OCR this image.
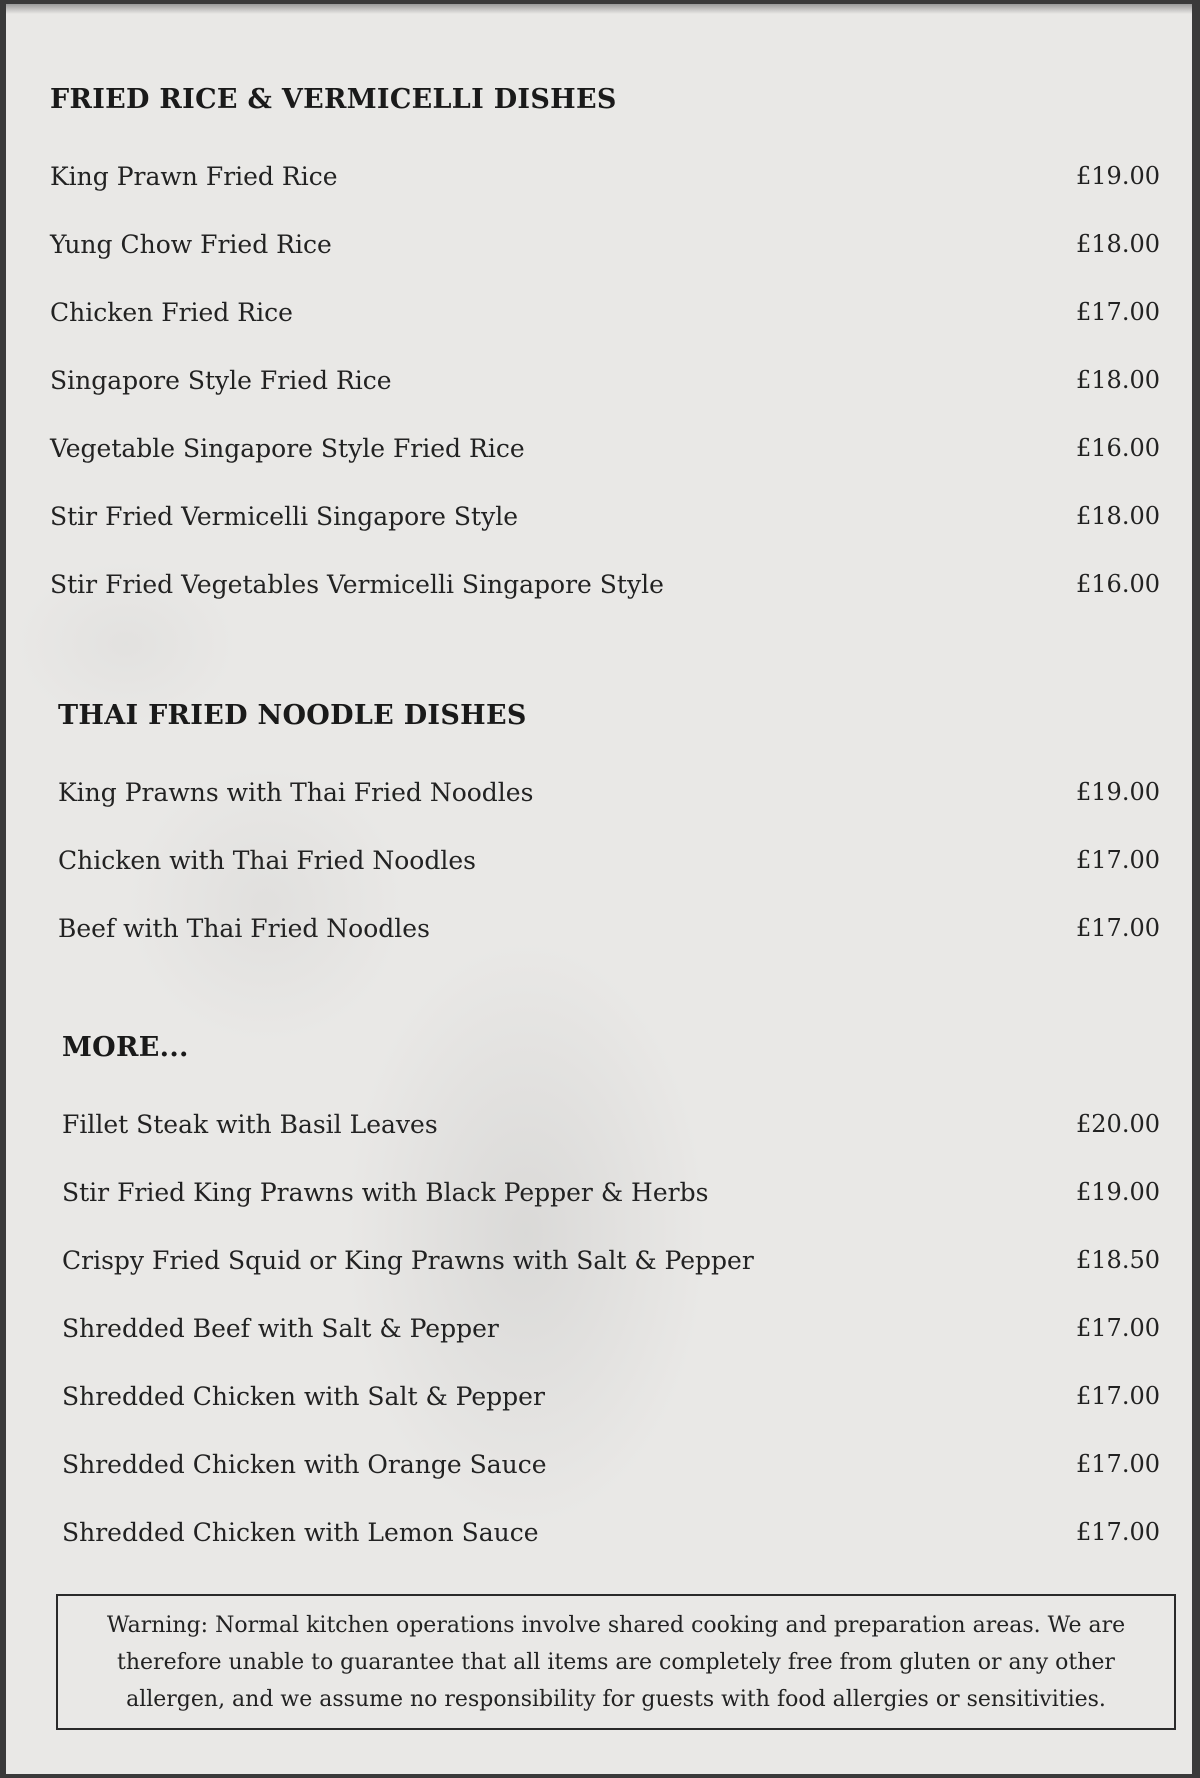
FRIED RICE & VERMICELLI DISHES
King Prawn Fried Rice	£19.00
Yung Chow Fried Rice	£18.00
Chicken Fried Rice	£17.00
Singapore Style Fried Rice	£18.00
Vegetable Singapore Style Fried Rice	£16.00
Stir Fried Vermicelli Singapore Style	£18.00
Stir Fried Vegetables Vermicelli Singapore Style	£16.00
THAI FRIED NOODLE DISHES
King Prawns with Thai Fried Noodles	£19.00
Chicken with Thai Fried Noodles	£17.00
Beef with Thai Fried Noodles	£17.00
MORE...
Fillet Steak with Basil Leaves	£20.00
Stir Fried King Prawns with Black Pepper & Herbs	£19.00
Crispy Fried Squid or King Prawns with Salt & Pepper	£18.50
Shredded Beef with Salt & Pepper	£17.00
Shredded Chicken with Salt & Pepper	£17.00
Shredded Chicken with Orange Sauce	£17.00
Shredded Chicken with Lemon Sauce	£17.00
Warning: Normal kitchen operations involve shared cooking and preparation areas. We are therefore unable to guarantee that all items are completely free from gluten or any other allergen, and we assume no responsibility for guests with food allergies or sensitivities.
